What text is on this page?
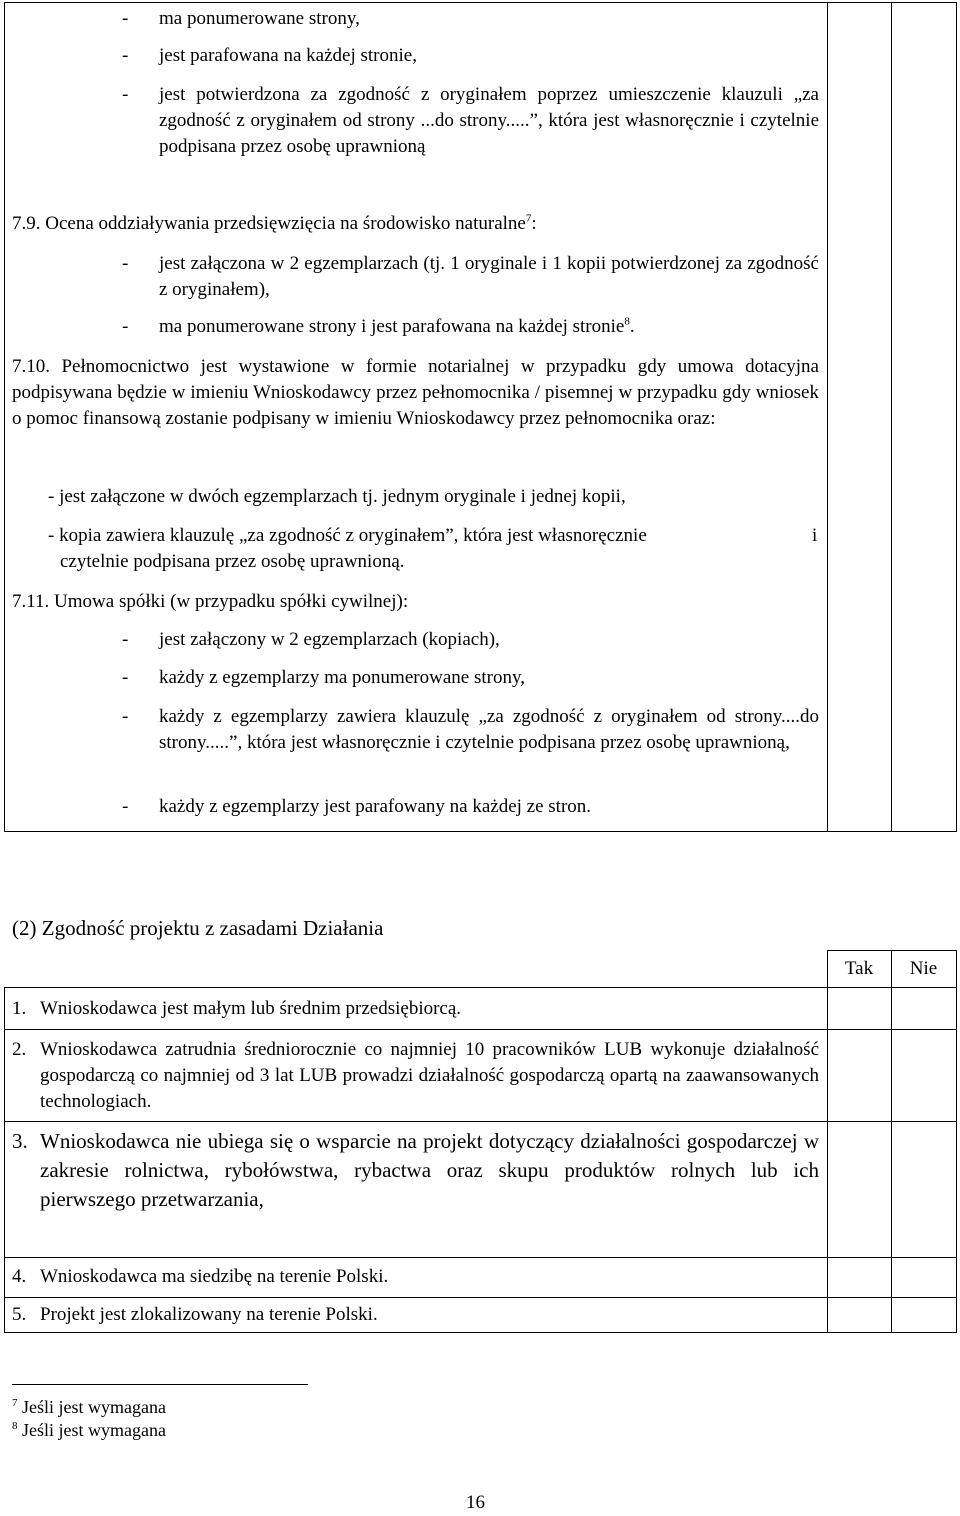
-	ma ponumerowane strony,
-	jest parafowana na każdej stronie,
-	jest potwierdzona za zgodność z oryginałem poprzez umieszczenie klauzuli „za zgodność z oryginałem od strony ...do strony.....”, która jest własnoręcznie i czytelnie podpisana przez osobę uprawnioną
7.9. Ocena oddziaływania przedsięwzięcia na środowisko naturalne$^7$:
-	jest załączona w 2 egzemplarzach (tj. 1 oryginale i 1 kopii potwierdzonej za zgodność z oryginałem),
-	ma ponumerowane strony i jest parafowana na każdej stronie$^8$.
7.10. Pełnomocnictwo jest wystawione w formie notarialnej w przypadku gdy umowa dotacyjna podpisywana będzie w imieniu Wnioskodawcy przez pełnomocnika / pisemnej w przypadku gdy wniosek o pomoc finansową zostanie podpisany w imieniu Wnioskodawcy przez pełnomocnika oraz:
- jest załączone w dwóch egzemplarzach tj. jednym oryginale i jednej kopii,
- kopia zawiera klauzulę „za zgodność z oryginałem”, która jest własnoręcznie	i
czytelnie podpisana przez osobę uprawnioną.
7.11. Umowa spółki (w przypadku spółki cywilnej):
-	jest załączony w 2 egzemplarzach (kopiach),
-	każdy z egzemplarzy ma ponumerowane strony,
-	każdy z egzemplarzy zawiera klauzulę „za zgodność z oryginałem od strony....do strony.....”, która jest własnoręcznie i czytelnie podpisana przez osobę uprawnioną,
-	każdy z egzemplarzy jest parafowany na każdej ze stron.
(2) Zgodność projektu z zasadami Działania
Tak	Nie
1. Wnioskodawca jest małym lub średnim przedsiębiorcą.
2. Wnioskodawca zatrudnia średniorocznie co najmniej 10 pracowników LUB wykonuje działalność gospodarczą co najmniej od 3 lat LUB prowadzi działalność gospodarczą opartą na zaawansowanych technologiach.
3. Wnioskodawca nie ubiega się o wsparcie na projekt dotyczący działalności gospodarczej w zakresie rolnictwa, rybołówstwa, rybactwa oraz skupu produktów rolnych lub ich pierwszego przetwarzania,
4. Wnioskodawca ma siedzibę na terenie Polski.
5. Projekt jest zlokalizowany na terenie Polski.
$^7$ Jeśli jest wymagana
$^8$ Jeśli jest wymagana
16
